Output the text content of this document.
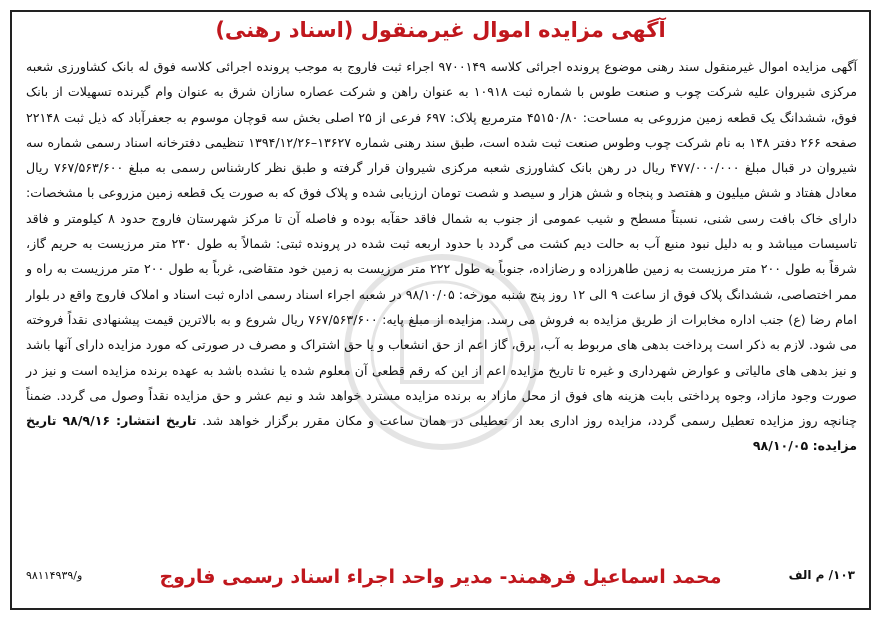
آگهی مزایده اموال غیرمنقول (اسناد رهنی)
آگهی مزایده اموال غیرمنقول سند رهنی موضوع پرونده اجرائی کلاسه ۹۷۰۰۱۴۹ اجراء ثبت فاروج به موجب پرونده اجرائی کلاسه فوق له بانک کشاورزی شعبه مرکزی شیروان علیه شرکت چوب و صنعت طوس با شماره ثبت ۱۰۹۱۸ به عنوان راهن و شرکت عصاره سازان شرق به عنوان وام گیرنده تسهیلات از بانک فوق، ششدانگ یک قطعه زمین مزروعی به مساحت: ۴۵۱۵۰/۸۰ مترمربع پلاک: ۶۹۷ فرعی از ۲۵ اصلی بخش سه قوچان موسوم به جعفرآباد که ذیل ثبت ۲۲۱۴۸ صفحه ۲۶۶ دفتر ۱۴۸ به نام شرکت چوب وطوس صنعت ثبت شده است، طبق سند رهنی شماره ۱۳۶۲۷–۱۳۹۴/۱۲/۲۶ تنظیمی دفترخانه اسناد رسمی شماره سه شیروان در قبال مبلغ ۴۷۷/۰۰۰/۰۰۰ ریال در رهن بانک کشاورزی شعبه مرکزی شیروان قرار گرفته و طبق نظر کارشناس رسمی به مبلغ ۷۶۷/۵۶۳/۶۰۰ ریال معادل هفتاد و شش میلیون و هفتصد و پنجاه و شش هزار و سیصد و شصت تومان ارزیابی شده و پلاک فوق که به صورت یک قطعه زمین مزروعی با مشخصات: دارای خاک بافت رسی شنی، نسبتاً مسطح و شیب عمومی از جنوب به شمال فاقد حقآبه بوده و فاصله آن تا مرکز شهرستان فاروج حدود ۸ کیلومتر و فاقد تاسیسات میباشد و به دلیل نبود منبع آب به حالت دیم کشت می گردد با حدود اربعه ثبت شده در پرونده ثبتی: شمالاً به طول ۲۳۰ متر مرزیست به حریم گاز، شرقاً به طول ۲۰۰ متر مرزیست به زمین طاهرزاده و رضازاده، جنوباً به طول ۲۲۲ متر مرزیست به زمین خود متقاضی، غرباً به طول ۲۰۰ متر مرزیست به راه و ممر اختصاصی، ششدانگ پلاک فوق از ساعت ۹ الی ۱۲ روز پنج شنبه مورخه: ۹۸/۱۰/۰۵ در شعبه اجراء اسناد رسمی اداره ثبت اسناد و املاک فاروج واقع در بلوار امام رضا (ع) جنب اداره مخابرات از طریق مزایده به فروش می رسد. مزایده از مبلغ پایه: ۷۶۷/۵۶۳/۶۰۰ ریال شروع و به بالاترین قیمت پیشنهادی نقداً فروخته می شود. لازم به ذکر است پرداخت بدهی های مربوط به آب، برق، گاز اعم از حق انشعاب و یا حق اشتراک و مصرف در صورتی که مورد مزایده دارای آنها باشد و نیز بدهی های مالیاتی و عوارض شهرداری و غیره تا تاریخ مزایده اعم از این که رقم قطعی آن معلوم شده یا نشده باشد به عهده برنده مزایده است و نیز در صورت وجود مازاد، وجوه پرداختی بابت هزینه های فوق از محل مازاد به برنده مزایده مسترد خواهد شد و نیم عشر و حق مزایده نقداً وصول می گردد. ضمناً چنانچه روز مزایده تعطیل رسمی گردد، مزایده روز اداری بعد از تعطیلی در همان ساعت و مکان مقرر برگزار خواهد شد. تاریخ انتشار: ۹۸/۹/۱۶ تاریخ مزایده: ۹۸/۱۰/۰۵
محمد اسماعیل فرهمند- مدیر واحد اجراء اسناد رسمی فاروج	۱۰۳/ م الف
۹۸۱۱۴۹۳۹/و
